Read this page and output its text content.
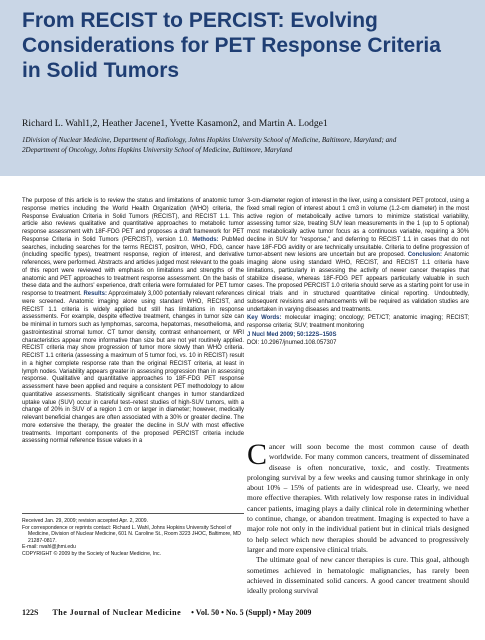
From RECIST to PERCIST: Evolving Considerations for PET Response Criteria in Solid Tumors
Richard L. Wahl1,2, Heather Jacene1, Yvette Kasamon2, and Martin A. Lodge1
1Division of Nuclear Medicine, Department of Radiology, Johns Hopkins University School of Medicine, Baltimore, Maryland; and
2Department of Oncology, Johns Hopkins University School of Medicine, Baltimore, Maryland

The purpose of this article is to review the status and limitations of anatomic tumor response metrics including the World Health Organization (WHO) criteria, the Response Evaluation Criteria in Solid Tumors (RECIST), and RECIST 1.1. This article also reviews qualitative and quantitative approaches to metabolic tumor response assessment with 18F-FDG PET and proposes a draft framework for PET Response Criteria in Solid Tumors (PERCIST), version 1.0. Methods: PubMed searches, including searches for the terms RECIST, positron, WHO, FDG, cancer (including specific types), treatment response, region of interest, and derivative references, were performed. Abstracts and articles judged most relevant to the goals of this report were reviewed with emphasis on limitations and strengths of the anatomic and PET approaches to treatment response assessment. On the basis of these data and the authors' experience, draft criteria were formulated for PET tumor response to treatment. Results: Approximately 3,000 potentially relevant references were screened. Anatomic imaging alone using standard WHO, RECIST, and RECIST 1.1 criteria is widely applied but still has limitations in response assessments. For example, despite effective treatment, changes in tumor size can be minimal in tumors such as lymphomas, sarcoma, hepatomas, mesothelioma, and gastrointestinal stromal tumor. CT tumor density, contrast enhancement, or MRI characteristics appear more informative than size but are not yet routinely applied. RECIST criteria may show progression of tumor more slowly than WHO criteria. RECIST 1.1 criteria (assessing a maximum of 5 tumor foci, vs. 10 in RECIST) result in a higher complete response rate than the original RECIST criteria, at least in lymph nodes. Variability appears greater in assessing progression than in assessing response. Qualitative and quantitative approaches to 18F-FDG PET response assessment have been applied and require a consistent PET methodology to allow quantitative assessments. Statistically significant changes in tumor standardized uptake value (SUV) occur in careful test–retest studies of high-SUV tumors, with a change of 20% in SUV of a region 1 cm or larger in diameter; however, medically relevant beneficial changes are often associated with a 30% or greater decline. The more extensive the therapy, the greater the decline in SUV with most effective treatments. Important components of the proposed PERCIST criteria include assessing normal reference tissue values in a

3-cm-diameter region of interest in the liver, using a consistent PET protocol, using a fixed small region of interest about 1 cm3 in volume (1.2-cm diameter) in the most active region of metabolically active tumors to minimize statistical variability, assessing tumor size, treating SUV lean measurements in the 1 (up to 5 optional) most metabolically active tumor focus as a continuous variable, requiring a 30% decline in SUV for "response," and deferring to RECIST 1.1 in cases that do not have 18F-FDG avidity or are technically unsuitable. Criteria to define progression of tumor-absent new lesions are uncertain but are proposed. Conclusion: Anatomic imaging alone using standard WHO, RECIST, and RECIST 1.1 criteria have limitations, particularly in assessing the activity of newer cancer therapies that stabilize disease, whereas 18F-FDG PET appears particularly valuable in such cases. The proposed PERCIST 1.0 criteria should serve as a starting point for use in clinical trials and in structured quantitative clinical reporting. Undoubtedly, subsequent revisions and enhancements will be required as validation studies are undertaken in varying diseases and treatments.

Key Words: molecular imaging; oncology; PET/CT; anatomic imaging; RECIST; response criteria; SUV; treatment monitoring

J Nucl Med 2009; 50:122S–150S
DOI: 10.2967/jnumed.108.057307

Received Jan. 29, 2009; revision accepted Apr. 2, 2009.
For correspondence or reprints contact: Richard L. Wahl, Johns Hopkins University School of Medicine, Division of Nuclear Medicine, 601 N. Caroline St., Room 3223 JHOC, Baltimore, MD 21287-0817.
E-mail: rwahl@jhmi.edu
COPYRIGHT © 2009 by the Society of Nuclear Medicine, Inc.

Cancer will soon become the most common cause of death worldwide. For many common cancers, treatment of disseminated disease is often noncurative, toxic, and costly. Treatments prolonging survival by a few weeks and causing tumor shrinkage in only about 10% – 15% of patients are in widespread use. Clearly, we need more effective therapies. With relatively low response rates in individual cancer patients, imaging plays a daily clinical role in determining whether to continue, change, or abandon treatment. Imaging is expected to have a major role not only in the individual patient but in clinical trials designed to help select which new therapies should be advanced to progressively larger and more expensive clinical trials.

The ultimate goal of new cancer therapies is cure. This goal, although sometimes achieved in hematologic malignancies, has rarely been achieved in disseminated solid cancers. A good cancer treatment should ideally prolong survival

122S The Journal of Nuclear Medicine • Vol. 50 • No. 5 (Suppl) • May 2009
